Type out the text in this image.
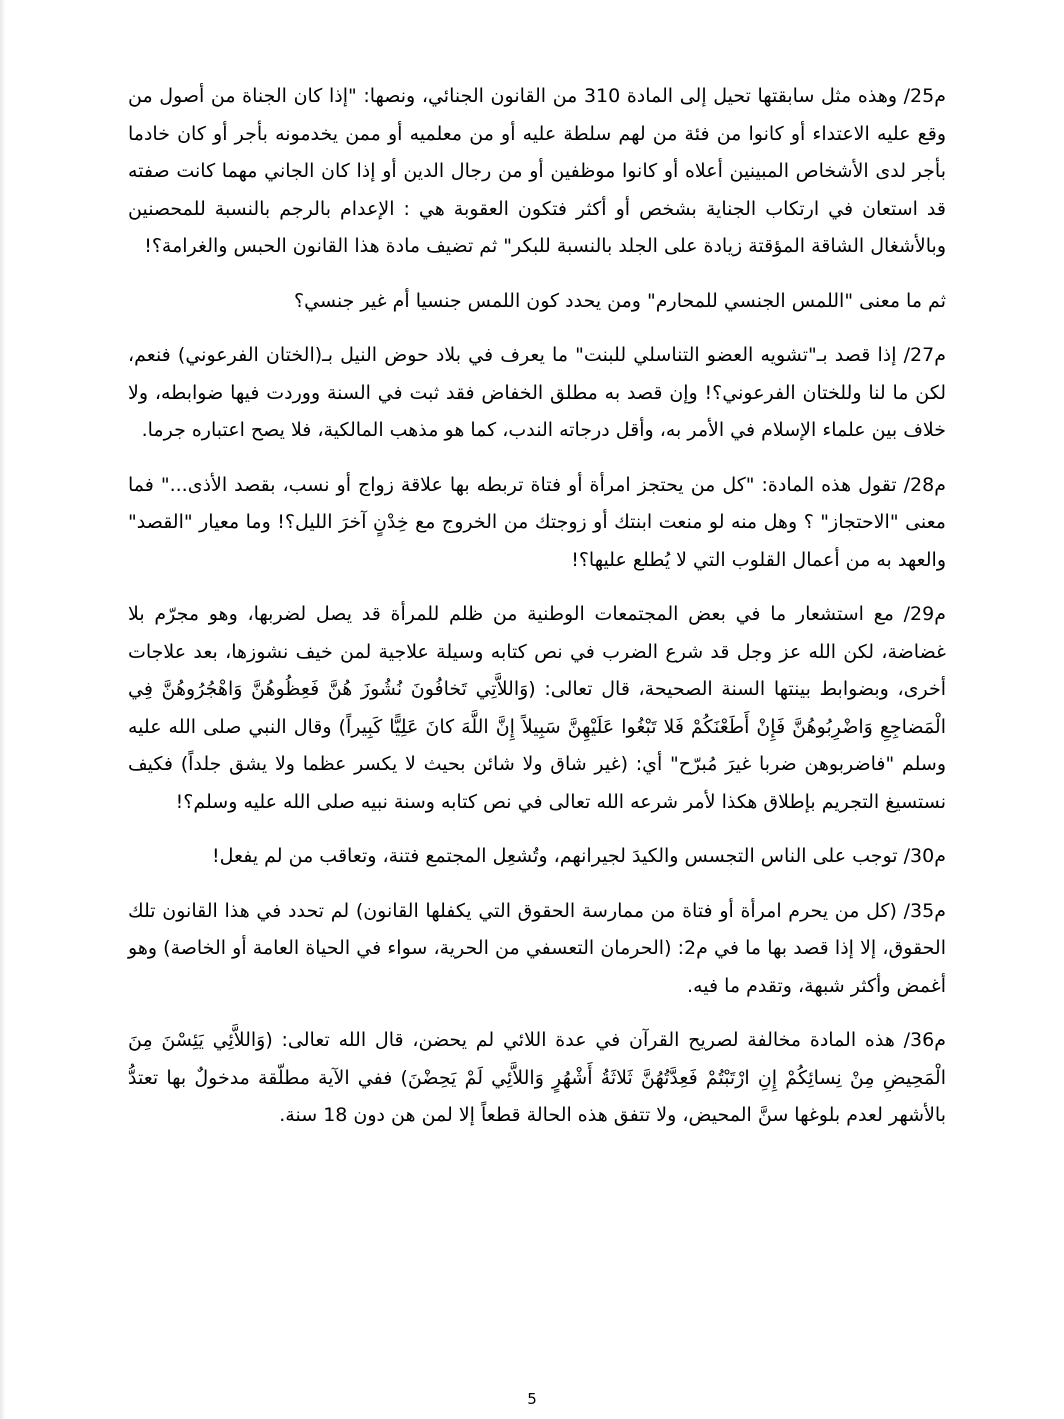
م25/ وهذه مثل سابقتها تحيل إلى المادة 310 من القانون الجنائي، ونصها: "إذا كان الجناة من أصول من وقع عليه الاعتداء أو كانوا من فئة من لهم سلطة عليه أو من معلميه أو ممن يخدمونه بأجر أو كان خادما بأجر لدى الأشخاص المبينين أعلاه أو كانوا موظفين أو من رجال الدين أو إذا كان الجاني مهما كانت صفته قد استعان في ارتكاب الجناية بشخص أو أكثر فتكون العقوبة هي : الإعدام بالرجم بالنسبة للمحصنين وبالأشغال الشاقة المؤقتة زيادة على الجلد بالنسبة للبكر" ثم تضيف مادة هذا القانون الحبس والغرامة؟!

ثم ما معنى "اللمس الجنسي للمحارم" ومن يحدد كون اللمس جنسيا أم غير جنسي؟

م27/ إذا قصد بـ"تشويه العضو التناسلي للبنت" ما يعرف في بلاد حوض النيل بـ(الختان الفرعوني) فنعم، لكن ما لنا وللختان الفرعوني؟! وإن قصد به مطلق الخفاض فقد ثبت في السنة ووردت فيها ضوابطه، ولا خلاف بين علماء الإسلام في الأمر به، وأقل درجاته الندب، كما هو مذهب المالكية، فلا يصح اعتباره جرما.

م28/ تقول هذه المادة: "كل من يحتجز امرأة أو فتاة تربطه بها علاقة زواج أو نسب، بقصد الأذى..." فما معنى "الاحتجاز" ؟ وهل منه لو منعت ابنتك أو زوجتك من الخروج مع خِدْنٍ آخرَ الليل؟! وما معيار "القصد" والعهد به من أعمال القلوب التي لا يُطلع عليها؟!

م29/ مع استشعار ما في بعض المجتمعات الوطنية من ظلم للمرأة قد يصل لضربها، وهو مجرّم بلا غضاضة، لكن الله عز وجل قد شرع الضرب في نص كتابه وسيلة علاجية لمن خيف نشوزها، بعد علاجات أخرى، وبضوابط بينتها السنة الصحيحة، قال تعالى: (وَاللاَّتِي تَخافُونَ نُشُوزَ هُنَّ فَعِظُوهُنَّ وَاهْجُرُوهُنَّ فِي الْمَضاجِعِ وَاضْرِبُوهُنَّ فَإِنْ أَطَعْنَكُمْ فَلا تَبْغُوا عَلَيْهِنَّ سَبِيلاً إِنَّ اللَّهَ كانَ عَلِيًّا كَبِيراً) وقال النبي صلى الله عليه وسلم "فاضربوهن ضربا غيرَ مُبرّح" أي: (غير شاق ولا شائن بحيث لا يكسر عظما ولا يشق جلداً) فكيف نستسيغ التجريم بإطلاق هكذا لأمر شرعه الله تعالى في نص كتابه وسنة نبيه صلى الله عليه وسلم؟!

م30/ توجب على الناس التجسس والكيدَ لجيرانهم، وتُشعِل المجتمع فتنة، وتعاقب من لم يفعل!

م35/ (كل من يحرم امرأة أو فتاة من ممارسة الحقوق التي يكفلها القانون) لم تحدد في هذا القانون تلك الحقوق، إلا إذا قصد بها ما في م2: (الحرمان التعسفي من الحرية، سواء في الحياة العامة أو الخاصة) وهو أغمض وأكثر شبهة، وتقدم ما فيه.

م36/ هذه المادة مخالفة لصريح القرآن في عدة اللائي لم يحضن، قال الله تعالى: (وَاللاَّئِي يَئِسْنَ مِنَ الْمَحِيضِ مِنْ نِسائِكُمْ إِنِ ارْتَبْتُمْ فَعِدَّتُهُنَّ ثَلاثَةُ أَشْهُرٍ وَاللاَّئِي لَمْ يَحِضْنَ) ففي الآية مطلّقة مدخولٌ بها تعتدُّ بالأشهر لعدم بلوغها سنَّ المحيض، ولا تتفق هذه الحالة قطعاً إلا لمن هن دون 18 سنة.

5
